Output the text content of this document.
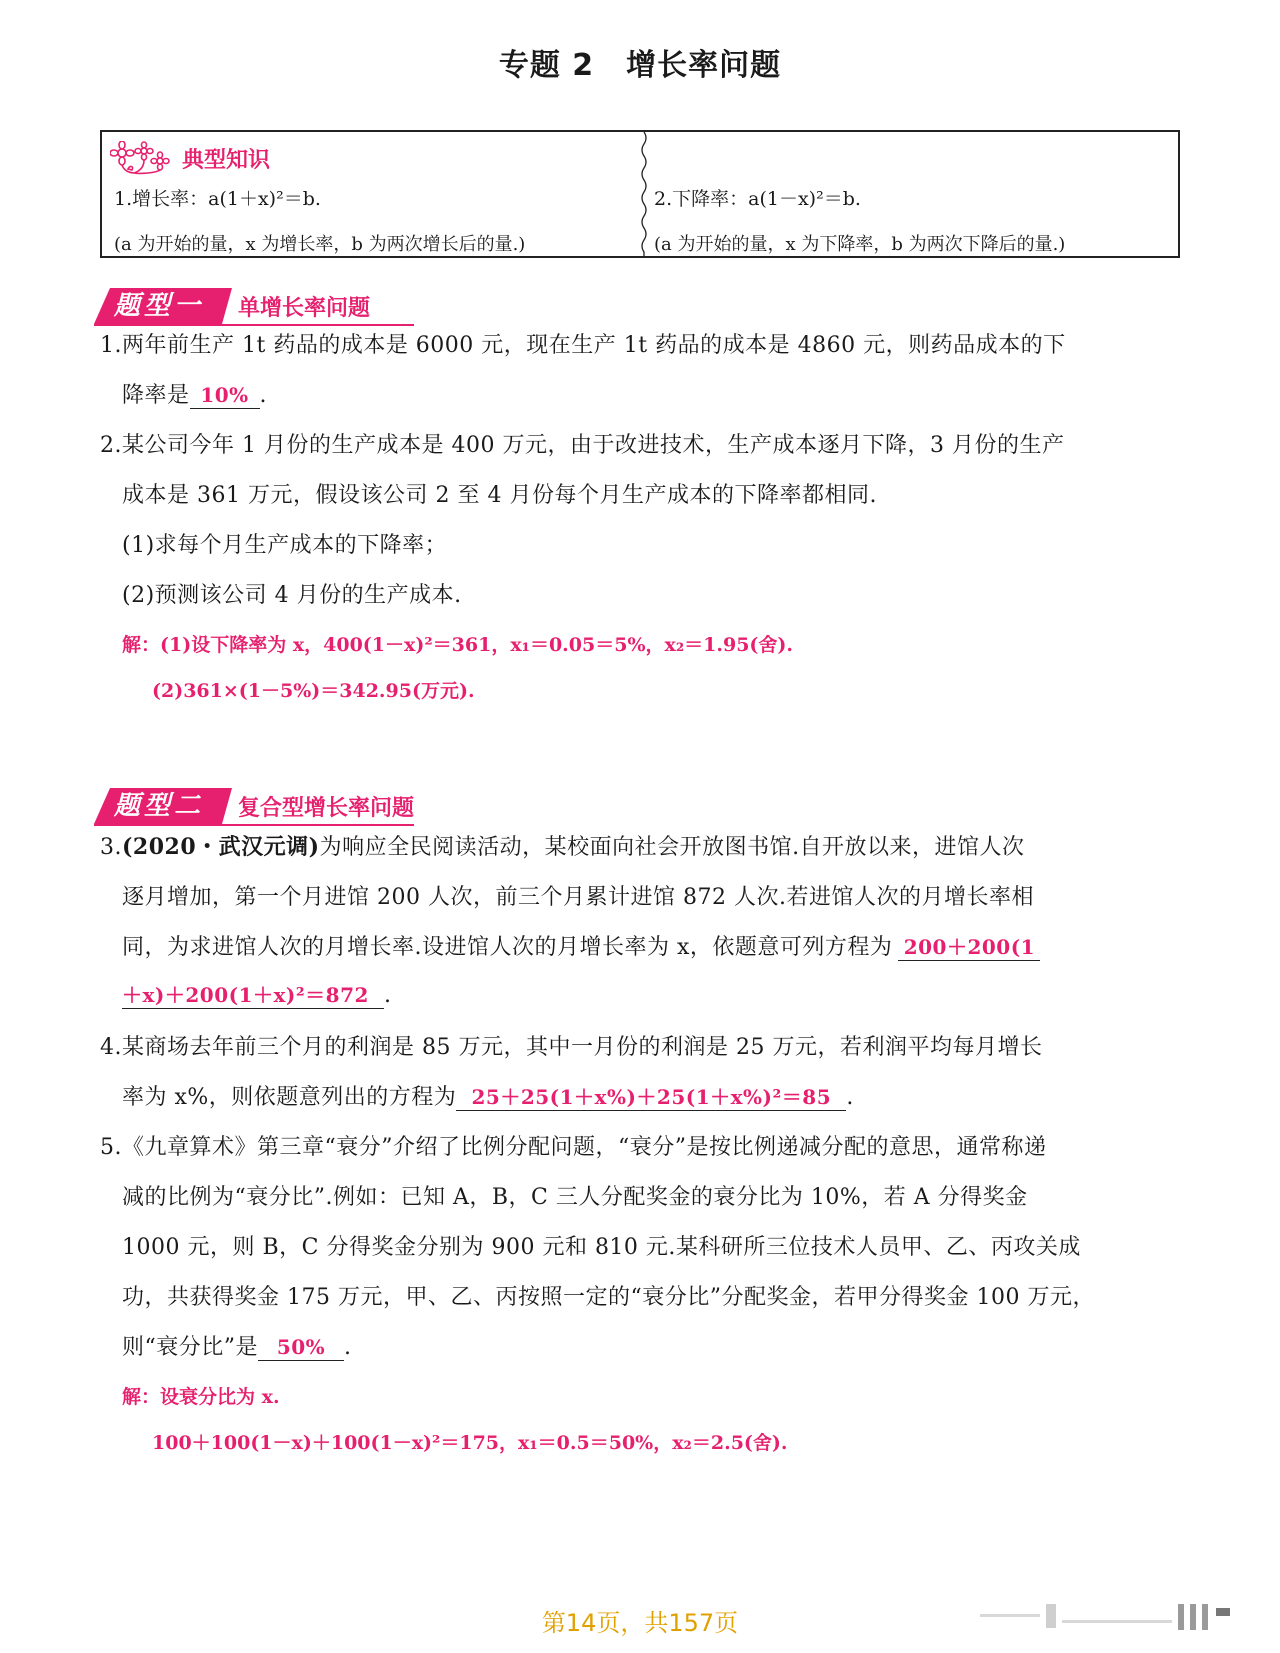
专题 2 增长率问题
典型知识
1.增长率：a(1＋x)²＝b.
(a 为开始的量，x 为增长率，b 为两次增长后的量.)
2.下降率：a(1－x)²＝b.
(a 为开始的量，x 为下降率，b 为两次下降后的量.)
题型一 单增长率问题
1.两年前生产 1t 药品的成本是 6000 元，现在生产 1t 药品的成本是 4860 元，则药品成本的下
降率是 10% .
2.某公司今年 1 月份的生产成本是 400 万元，由于改进技术，生产成本逐月下降，3 月份的生产
成本是 361 万元，假设该公司 2 至 4 月份每个月生产成本的下降率都相同.
(1)求每个月生产成本的下降率；
(2)预测该公司 4 月份的生产成本.
解：(1)设下降率为 x，400(1－x)²＝361，x₁＝0.05＝5%，x₂＝1.95(舍).
(2)361×(1－5%)＝342.95(万元).
题型二 复合型增长率问题
3.(2020・武汉元调)为响应全民阅读活动，某校面向社会开放图书馆.自开放以来，进馆人次
逐月增加，第一个月进馆 200 人次，前三个月累计进馆 872 人次.若进馆人次的月增长率相
同，为求进馆人次的月增长率.设进馆人次的月增长率为 x，依题意可列方程为 200＋200(1
＋x)＋200(1＋x)²＝872 .
4.某商场去年前三个月的利润是 85 万元，其中一月份的利润是 25 万元，若利润平均每月增长
率为 x%，则依题意列出的方程为 25＋25(1＋x%)＋25(1＋x%)²＝85 .
5.《九章算术》第三章“衰分”介绍了比例分配问题，“衰分”是按比例递减分配的意思，通常称递
减的比例为“衰分比”.例如：已知 A，B，C 三人分配奖金的衰分比为 10%，若 A 分得奖金
1000 元，则 B，C 分得奖金分别为 900 元和 810 元.某科研所三位技术人员甲、乙、丙攻关成
功，共获得奖金 175 万元，甲、乙、丙按照一定的“衰分比”分配奖金，若甲分得奖金 100 万元，
则“衰分比”是 50% .
解：设衰分比为 x.
100＋100(1－x)＋100(1－x)²＝175，x₁＝0.5＝50%，x₂＝2.5(舍).
第14页，共157页
